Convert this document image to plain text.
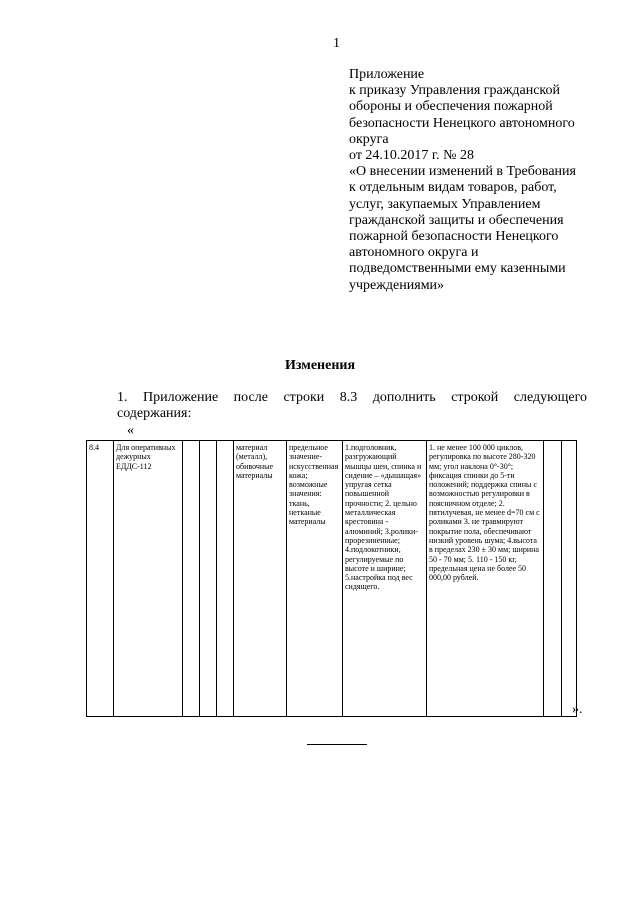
1
Приложение
к приказу Управления гражданской
обороны и обеспечения пожарной
безопасности Ненецкого автономного
округа
от 24.10.2017 г. № 28
«О внесении изменений в Требования
к отдельным видам товаров, работ,
услуг, закупаемых Управлением
гражданской защиты и обеспечения
пожарной безопасности Ненецкого
автономного округа и
подведомственными ему казенными
учреждениями»
Изменения
1. Приложение после строки 8.3 дополнить строкой следующего
содержания:
«
8.4	Для оперативных дежурных ЕДДС-112				материал (металл), обивочные материалы	предельное значение-искусственная кожа; возможные значения: ткань, нетканые материалы	1.подголовник, разгружающий мышцы шеи, спинка и сидение – «дышащая» упругая сетка повышенной прочности; 2. цельно металлическая крестовина - алюминий; 3.ролики-прорезиненные; 4.подлокотники, регулируемые по высоте и ширине; 5.настройка под вес сидящего.	1. не менее 100 000 циклов, регулировка по высоте 280-320 мм; угол наклона 0°-30°; фиксация спинки до 5-ти положений; поддержка спины с возможностью регулировки в поясничном отделе; 2. пятилучевая, не менее d=70 см с роликами 3. не травмируют покрытие пола, обеспечивают низкий уровень шума; 4.высота в пределах 230 ± 30 мм; ширина 50 - 70 мм; 5. 110 - 150 кг, предельная цена не более 50 000,00 рублей.		
».
